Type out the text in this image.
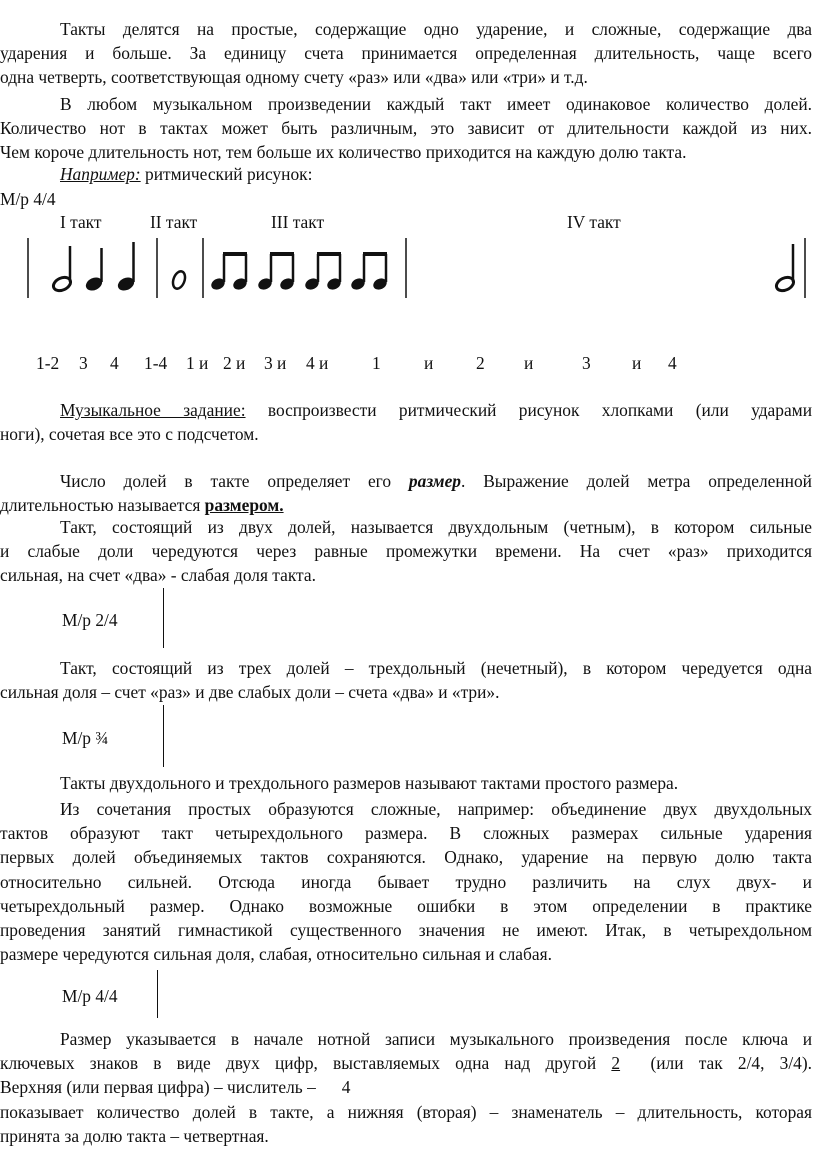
Такты делятся на простые, содержащие одно ударение, и сложные, содержащие два
ударения и больше. За единицу счета принимается определенная длительность, чаще всего
одна четверть, соответствующая одному счету «раз» или «два» или «три» и т.д.
В любом музыкальном произведении каждый такт имеет одинаковое количество долей.
Количество нот в тактах может быть различным, это зависит от длительности каждой из них.
Чем короче длительность нот, тем больше их количество приходится на каждую долю такта.
Например: ритмический рисунок:
М/р 4/4
I такт	II такт	III такт	IV такт
1-2 3 4 1-4 1 и 2 и 3 и 4 и	1 и 2 и	3 и 4
Музыкальное задание: воспроизвести ритмический рисунок хлопками (или ударами
ноги), сочетая все это с подсчетом.
Число долей в такте определяет его размер. Выражение долей метра определенной
длительностью называется размером.
Такт, состоящий из двух долей, называется двухдольным (четным), в котором сильные
и слабые доли чередуются через равные промежутки времени. На счет «раз» приходится
сильная, на счет «два» - слабая доля такта.
М/р 2/4
Такт, состоящий из трех долей – трехдольный (нечетный), в котором чередуется одна
сильная доля – счет «раз» и две слабых доли – счета «два» и «три».
М/р ¾
Такты двухдольного и трехдольного размеров называют тактами простого размера.
Из сочетания простых образуются сложные, например: объединение двух двухдольных
тактов образуют такт четырехдольного размера. В сложных размерах сильные ударения
первых долей объединяемых тактов сохраняются. Однако, ударение на первую долю такта
относительно сильней. Отсюда иногда бывает трудно различить на слух двух- и
четырехдольный размер. Однако возможные ошибки в этом определении в практике
проведения занятий гимнастикой существенного значения не имеют. Итак, в четырехдольном
размере чередуются сильная доля, слабая, относительно сильная и слабая.
М/р 4/4
Размер указывается в начале нотной записи музыкального произведения после ключа и
ключевых знаков в виде двух цифр, выставляемых одна над другой 2 (или так 2/4, 3/4).
Верхняя (или первая цифра) – числитель – 4
показывает количество долей в такте, а нижняя (вторая) – знаменатель – длительность, которая
принята за долю такта – четвертная.
